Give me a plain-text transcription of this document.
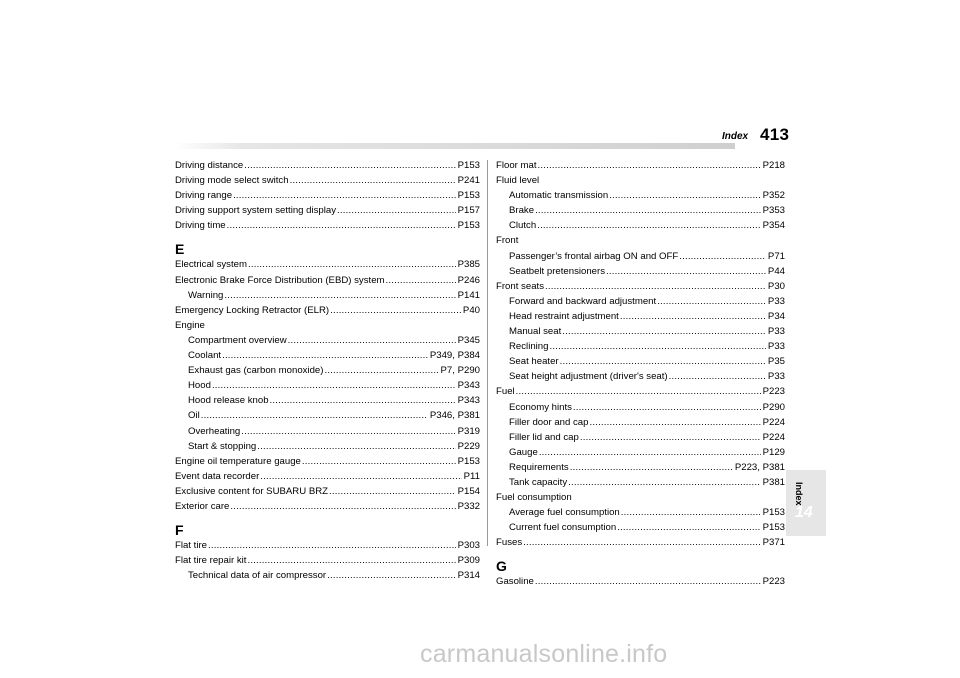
Index 413
Driving distance .....	P153
Driving mode select switch .....	P241
Driving range .....	P153
Driving support system setting display .....	P157
Driving time .....	P153
E
Electrical system .....	P385
Electronic Brake Force Distribution (EBD) system .....	P246
Warning .....	P141
Emergency Locking Retractor (ELR) .....	P40
Engine
Compartment overview .....	P345
Coolant .....	P349, P384
Exhaust gas (carbon monoxide) .....	P7, P290
Hood .....	P343
Hood release knob .....	P343
Oil .....	P346, P381
Overheating .....	P319
Start & stopping .....	P229
Engine oil temperature gauge .....	P153
Event data recorder .....	P11
Exclusive content for SUBARU BRZ .....	P154
Exterior care .....	P332
F
Flat tire .....	P303
Flat tire repair kit .....	P309
Technical data of air compressor .....	P314
Floor mat .....	P218
Fluid level
Automatic transmission .....	P352
Brake .....	P353
Clutch .....	P354
Front
Passenger’s frontal airbag ON and OFF .....	P71
Seatbelt pretensioners .....	P44
Front seats .....	P30
Forward and backward adjustment .....	P33
Head restraint adjustment .....	P34
Manual seat .....	P33
Reclining .....	P33
Seat heater .....	P35
Seat height adjustment (driver's seat) .....	P33
Fuel .....	P223
Economy hints .....	P290
Filler door and cap .....	P224
Filler lid and cap .....	P224
Gauge .....	P129
Requirements .....	P223, P381
Tank capacity .....	P381
Fuel consumption
Average fuel consumption .....	P153
Current fuel consumption .....	P153
Fuses .....	P371
G
Gasoline .....	P223
Index
14
carmanualsonline.info
